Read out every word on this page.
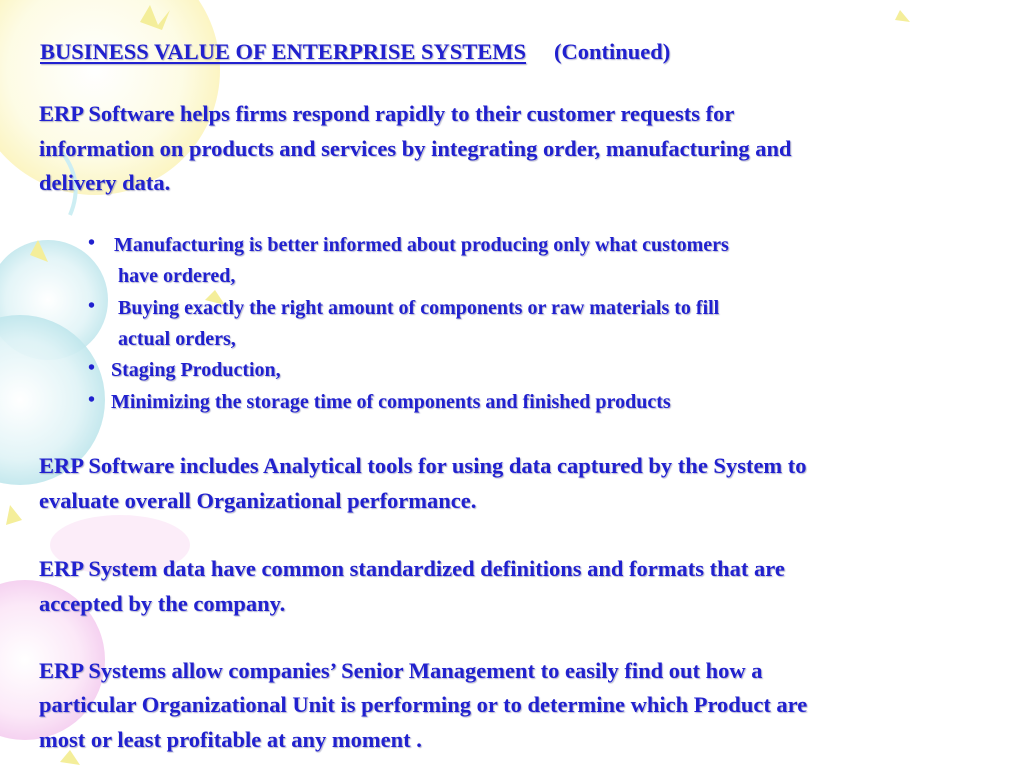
BUSINESS VALUE OF ENTERPRISE SYSTEMS (Continued)
ERP Software helps firms respond rapidly to their customer requests for
information on products and services by integrating order, manufacturing and
delivery data.
• Manufacturing is better informed about producing only what customers
have ordered,
• Buying exactly the right amount of components or raw materials to fill
actual orders,
• Staging Production,
• Minimizing the storage time of components and finished products
ERP Software includes Analytical tools for using data captured by the System to
evaluate overall Organizational performance.
ERP System data have common standardized definitions and formats that are
accepted by the company.
ERP Systems allow companies’ Senior Management to easily find out how a
particular Organizational Unit is performing or to determine which Product are
most or least profitable at any moment .
